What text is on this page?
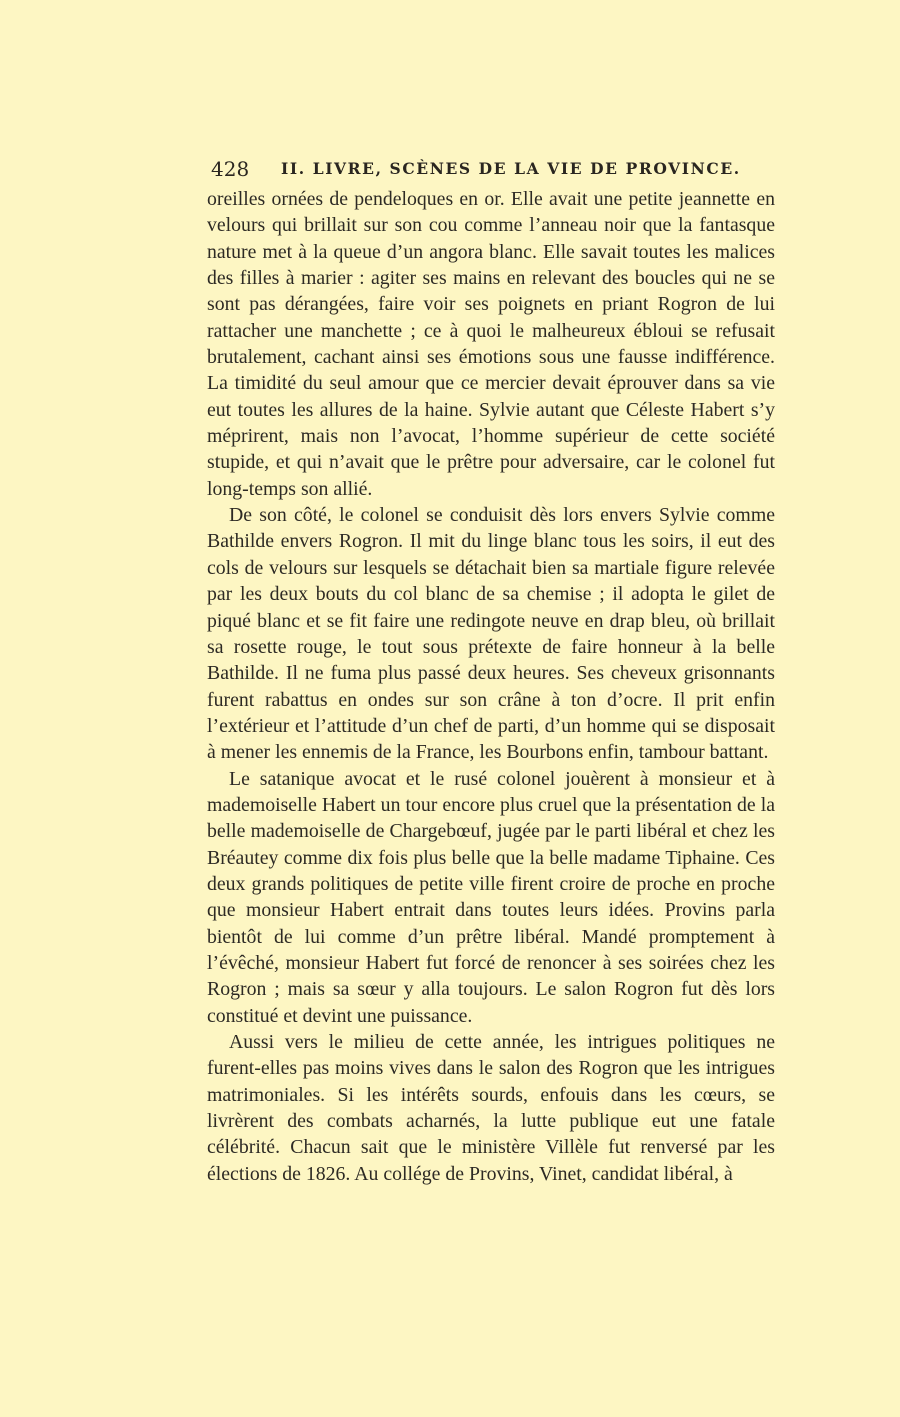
428 II. LIVRE, SCÈNES DE LA VIE DE PROVINCE.

oreilles ornées de pendeloques en or. Elle avait une petite jeannette en velours qui brillait sur son cou comme l’anneau noir que la fantasque nature met à la queue d’un angora blanc. Elle savait toutes les malices des filles à marier : agiter ses mains en relevant des boucles qui ne se sont pas dérangées, faire voir ses poignets en priant Rogron de lui rattacher une manchette ; ce à quoi le malheureux ébloui se refusait brutalement, cachant ainsi ses émotions sous une fausse indifférence. La timidité du seul amour que ce mercier devait éprouver dans sa vie eut toutes les allures de la haine. Sylvie autant que Céleste Habert s’y méprirent, mais non l’avocat, l’homme supérieur de cette société stupide, et qui n’avait que le prêtre pour adversaire, car le colonel fut long-temps son allié.

De son côté, le colonel se conduisit dès lors envers Sylvie comme Bathilde envers Rogron. Il mit du linge blanc tous les soirs, il eut des cols de velours sur lesquels se détachait bien sa martiale figure relevée par les deux bouts du col blanc de sa chemise ; il adopta le gilet de piqué blanc et se fit faire une redingote neuve en drap bleu, où brillait sa rosette rouge, le tout sous prétexte de faire honneur à la belle Bathilde. Il ne fuma plus passé deux heures. Ses cheveux grisonnants furent rabattus en ondes sur son crâne à ton d’ocre. Il prit enfin l’extérieur et l’attitude d’un chef de parti, d’un homme qui se disposait à mener les ennemis de la France, les Bourbons enfin, tambour battant.

Le satanique avocat et le rusé colonel jouèrent à monsieur et à mademoiselle Habert un tour encore plus cruel que la présentation de la belle mademoiselle de Chargebœuf, jugée par le parti libéral et chez les Bréautey comme dix fois plus belle que la belle madame Tiphaine. Ces deux grands politiques de petite ville firent croire de proche en proche que monsieur Habert entrait dans toutes leurs idées. Provins parla bientôt de lui comme d’un prêtre libéral. Mandé promptement à l’évêché, monsieur Habert fut forcé de renoncer à ses soirées chez les Rogron ; mais sa sœur y alla toujours. Le salon Rogron fut dès lors constitué et devint une puissance.

Aussi vers le milieu de cette année, les intrigues politiques ne furent-elles pas moins vives dans le salon des Rogron que les intrigues matrimoniales. Si les intérêts sourds, enfouis dans les cœurs, se livrèrent des combats acharnés, la lutte publique eut une fatale célébrité. Chacun sait que le ministère Villèle fut renversé par les élections de 1826. Au collége de Provins, Vinet, candidat libéral, à
